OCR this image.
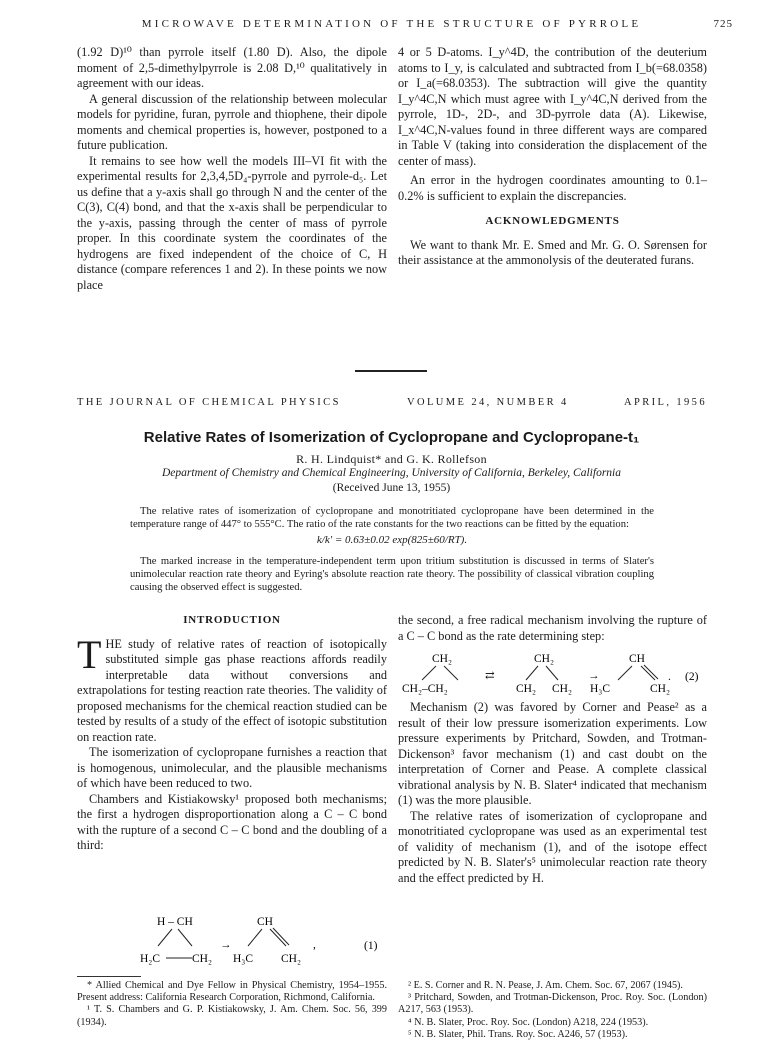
MICROWAVE DETERMINATION OF THE STRUCTURE OF PYRROLE	725

(1.92 D)¹⁰ than pyrrole itself (1.80 D). Also, the dipole moment of 2,5-dimethylpyrrole is 2.08 D,¹⁰ qualitatively in agreement with our ideas.

A general discussion of the relationship between molecular models for pyridine, furan, pyrrole and thiophene, their dipole moments and chemical properties is, however, postponed to a future publication.

It remains to see how well the models III–VI fit with the experimental results for 2,3,4,5D₄-pyrrole and pyrrole-d₅. Let us define that a y-axis shall go through N and the center of the C(3), C(4) bond, and that the x-axis shall be perpendicular to the y-axis, passing through the center of mass of pyrrole proper. In this coordinate system the coordinates of the hydrogens are fixed independent of the choice of C, H distance (compare references 1 and 2). In these points we now place

4 or 5 D-atoms. I_y^4D, the contribution of the deuterium atoms to I_y, is calculated and subtracted from I_b(=68.0358) or I_a(=68.0353). The subtraction will give the quantity I_y^4C,N which must agree with I_y^4C,N derived from the pyrrole, 1D-, 2D-, and 3D-pyrrole data (A). Likewise, I_x^4C,N-values found in three different ways are compared in Table V (taking into consideration the displacement of the center of mass).

An error in the hydrogen coordinates amounting to 0.1–0.2% is sufficient to explain the discrepancies.

ACKNOWLEDGMENTS

We want to thank Mr. E. Smed and Mr. G. O. Sørensen for their assistance at the ammonolysis of the deuterated furans.

THE JOURNAL OF CHEMICAL PHYSICS	VOLUME 24, NUMBER 4	APRIL, 1956
Relative Rates of Isomerization of Cyclopropane and Cyclopropane-t₁
R. H. Lindquist* and G. K. Rollefson
Department of Chemistry and Chemical Engineering, University of California, Berkeley, California
(Received June 13, 1955)
The relative rates of isomerization of cyclopropane and monotritiated cyclopropane have been determined in the temperature range of 447° to 555°C. The ratio of the rate constants for the two reactions can be fitted by the equation:
k/k′ = 0.63±0.02 exp(825±60/RT).
The marked increase in the temperature-independent term upon tritium substitution is discussed in terms of Slater's unimolecular reaction rate theory and Eyring's absolute reaction rate theory. The possibility of classical vibration coupling causing the observed effect is suggested.
INTRODUCTION

THE study of relative rates of reaction of isotopically substituted simple gas phase reactions affords readily interpretable data without conversions and extrapolations for testing reaction rate theories. The validity of proposed mechanisms for the chemical reaction studied can be tested by results of a study of the effect of isotopic substitution on reaction rate.

The isomerization of cyclopropane furnishes a reaction that is homogenous, unimolecular, and the plausible mechanisms of which have been reduced to two.

Chambers and Kistiakowsky¹ proposed both mechanisms; the first a hydrogen disproportionation along a C – C bond with the rupture of a second C – C bond and the doubling of a third:

H – CH
H₂C	CH₂
→
CH
H₃C CH₂
,	(1)

the second, a free radical mechanism involving the rupture of a C – C bond as the rate determining step:

CH₂
CH₂–CH₂
⇄
CH₂
CH₂ CH₂
→
CH
H₃C	CH₂
. (2)

Mechanism (2) was favored by Corner and Pease² as a result of their low pressure isomerization experiments. Low pressure experiments by Pritchard, Sowden, and Trotman-Dickenson³ favor mechanism (1) and cast doubt on the interpretation of Corner and Pease. A complete classical vibrational analysis by N. B. Slater⁴ indicated that mechanism (1) was the more plausible.

The relative rates of isomerization of cyclopropane and monotritiated cyclopropane was used as an experimental test of validity of mechanism (1), and of the isotope effect predicted by N. B. Slater's⁵ unimolecular reaction rate theory and the effect predicted by H.

* Allied Chemical and Dye Fellow in Physical Chemistry, 1954–1955. Present address: California Research Corporation, Richmond, California.

¹ T. S. Chambers and G. P. Kistiakowsky, J. Am. Chem. Soc. 56, 399 (1934).

² E. S. Corner and R. N. Pease, J. Am. Chem. Soc. 67, 2067 (1945).

³ Pritchard, Sowden, and Trotman-Dickenson, Proc. Roy. Soc. (London) A217, 563 (1953).

⁴ N. B. Slater, Proc. Roy. Soc. (London) A218, 224 (1953).

⁵ N. B. Slater, Phil. Trans. Roy. Soc. A246, 57 (1953).
